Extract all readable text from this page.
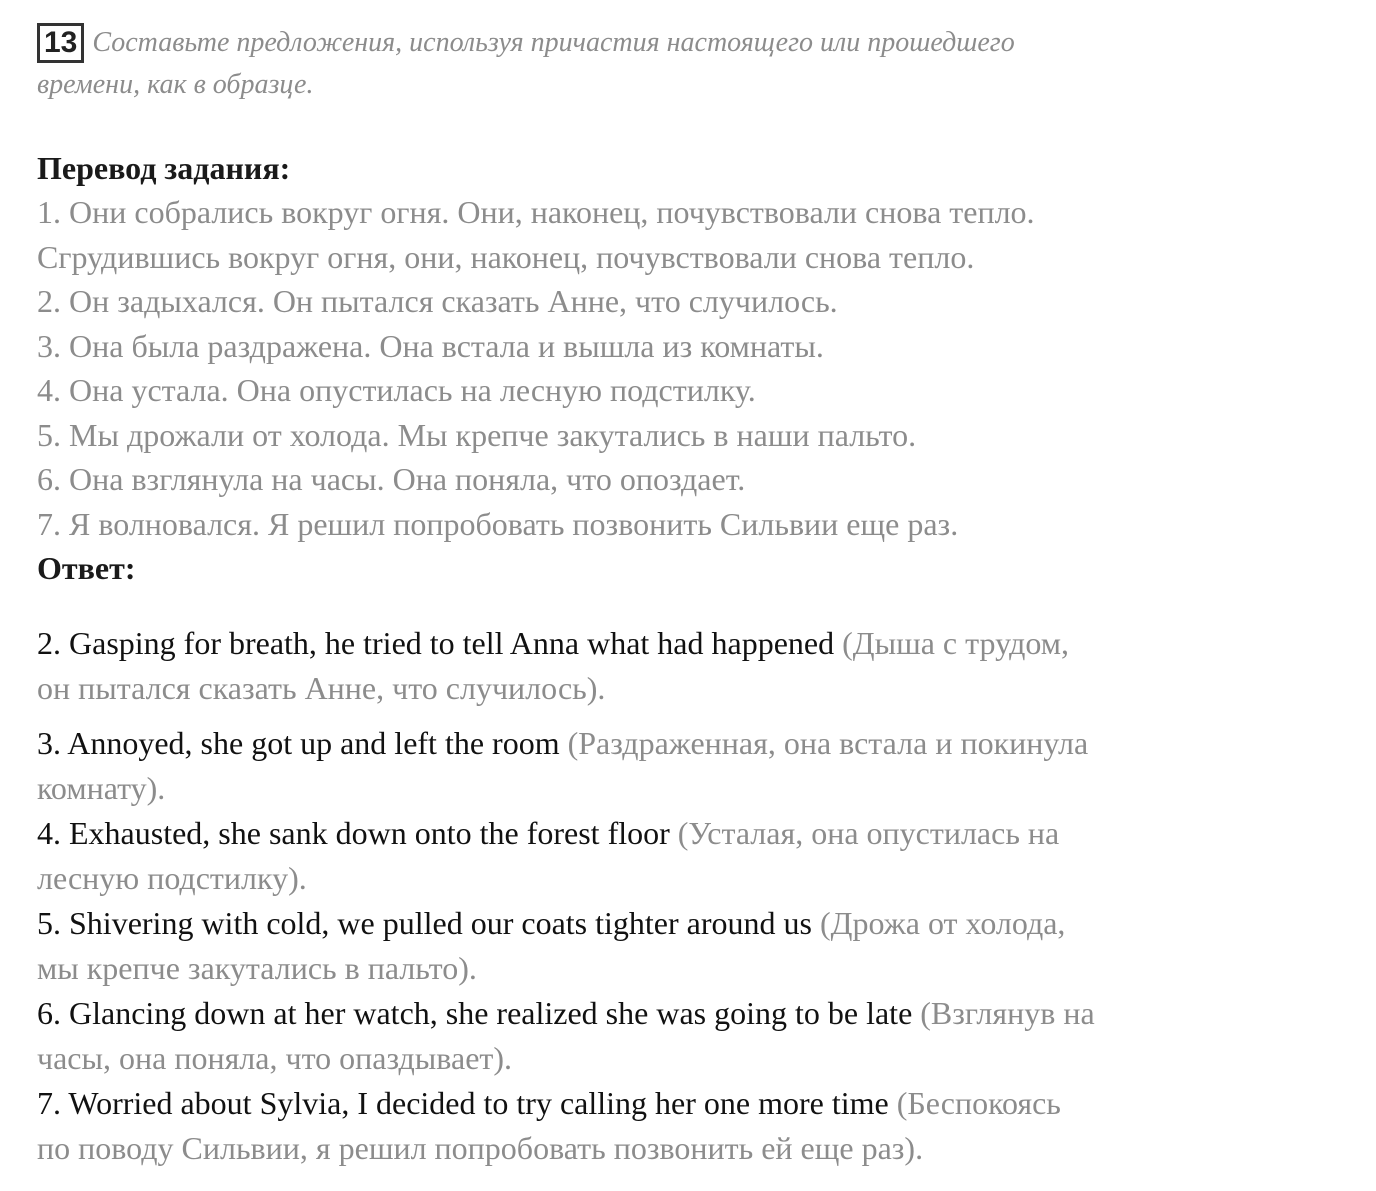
13 Составьте предложения, используя причастия настоящего или прошедшего
времени, как в образце.
Перевод задания:
1. Они собрались вокруг огня. Они, наконец, почувствовали снова тепло.
Сгрудившись вокруг огня, они, наконец, почувствовали снова тепло.
2. Он задыхался. Он пытался сказать Анне, что случилось.
3. Она была раздражена. Она встала и вышла из комнаты.
4. Она устала. Она опустилась на лесную подстилку.
5. Мы дрожали от холода. Мы крепче закутались в наши пальто.
6. Она взглянула на часы. Она поняла, что опоздает.
7. Я волновался. Я решил попробовать позвонить Сильвии еще раз.
Ответ:
2. Gasping for breath, he tried to tell Anna what had happened (Дыша с трудом,
он пытался сказать Анне, что случилось).
3. Annoyed, she got up and left the room (Раздраженная, она встала и покинула
комнату).
4. Exhausted, she sank down onto the forest floor (Усталая, она опустилась на
лесную подстилку).
5. Shivering with cold, we pulled our coats tighter around us (Дрожа от холода,
мы крепче закутались в пальто).
6. Glancing down at her watch, she realized she was going to be late (Взглянув на
часы, она поняла, что опаздывает).
7. Worried about Sylvia, I decided to try calling her one more time (Беспокоясь
по поводу Сильвии, я решил попробовать позвонить ей еще раз).
